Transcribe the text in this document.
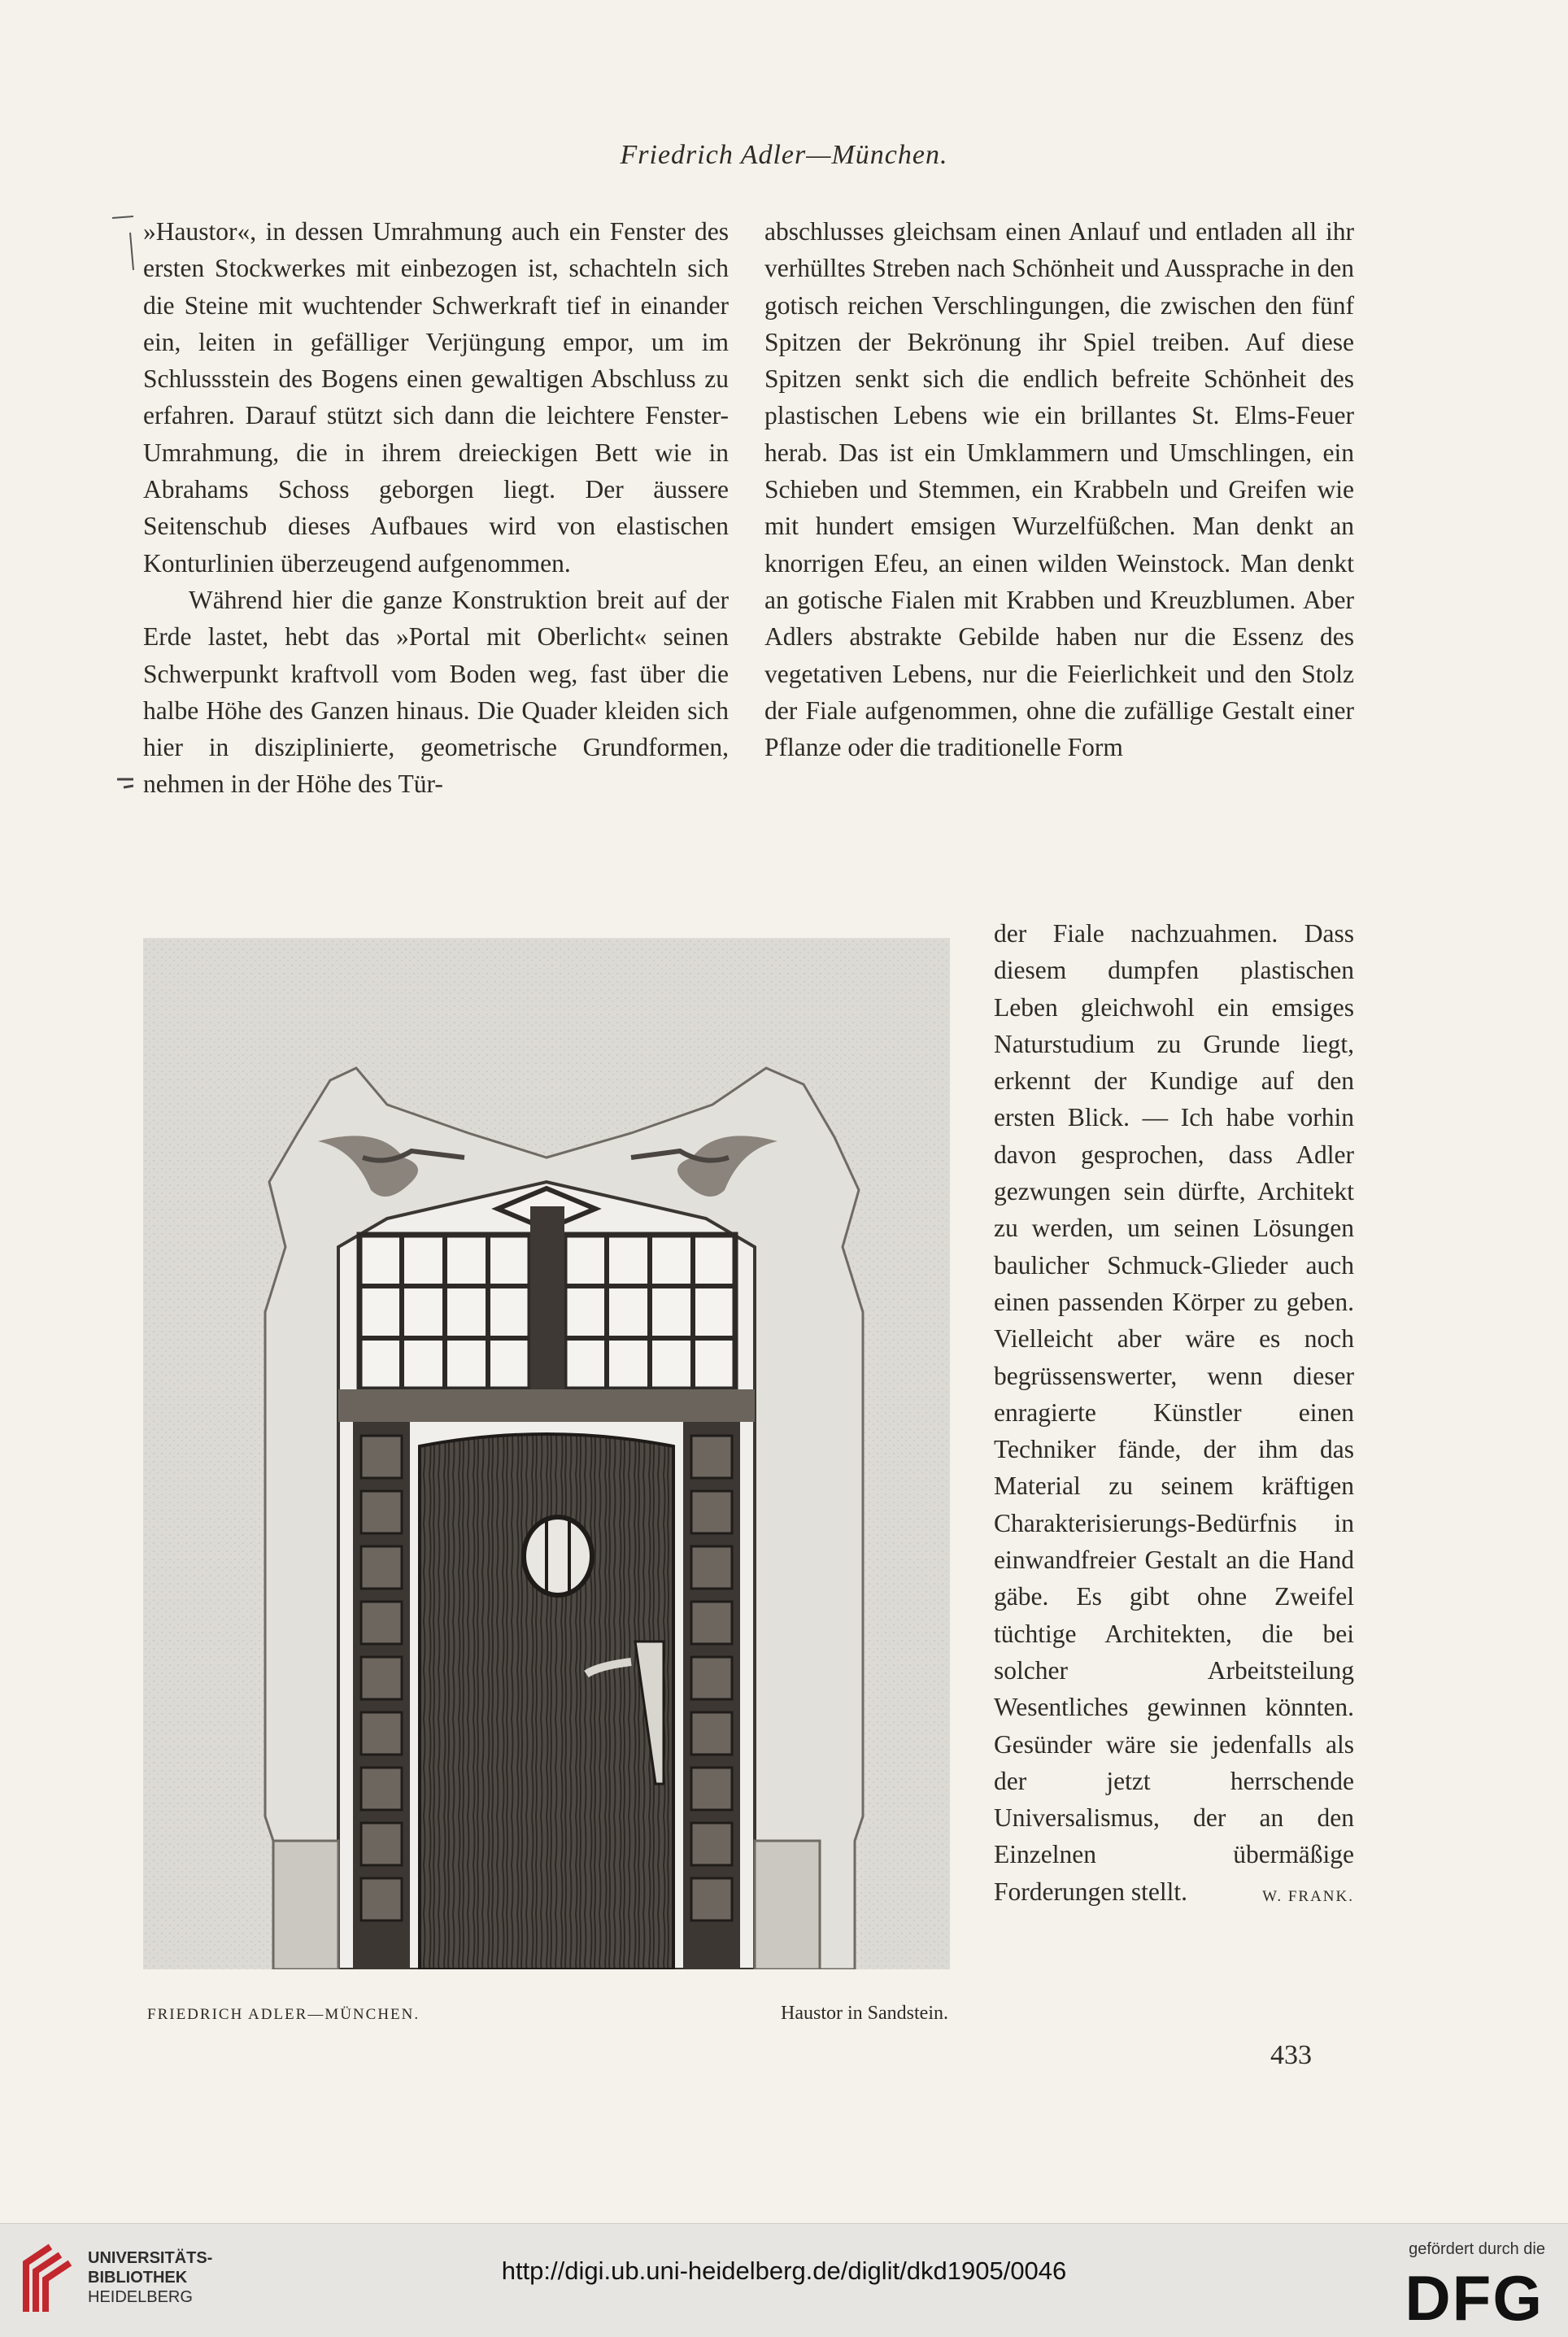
Friedrich Adler—München.

»Haustor«, in dessen Umrahmung auch ein Fenster des ersten Stockwerkes mit einbezogen ist, schachteln sich die Steine mit wuchtender Schwerkraft tief in einander ein, leiten in gefälliger Verjüngung empor, um im Schlussstein des Bogens einen gewaltigen Abschluss zu erfahren. Darauf stützt sich dann die leichtere Fenster-Umrahmung, die in ihrem dreieckigen Bett wie in Abrahams Schoss geborgen liegt. Der äussere Seitenschub dieses Aufbaues wird von elastischen Konturlinien überzeugend aufgenommen.

Während hier die ganze Konstruktion breit auf der Erde lastet, hebt das »Portal mit Oberlicht« seinen Schwerpunkt kraftvoll vom Boden weg, fast über die halbe Höhe des Ganzen hinaus. Die Quader kleiden sich hier in disziplinierte, geometrische Grundformen, nehmen in der Höhe des Tür-

abschlusses gleichsam einen Anlauf und entladen all ihr verhülltes Streben nach Schönheit und Aussprache in den gotisch reichen Verschlingungen, die zwischen den fünf Spitzen der Bekrönung ihr Spiel treiben. Auf diese Spitzen senkt sich die endlich befreite Schönheit des plastischen Lebens wie ein brillantes St. Elms-Feuer herab. Das ist ein Umklammern und Umschlingen, ein Schieben und Stemmen, ein Krabbeln und Greifen wie mit hundert emsigen Wurzelfüßchen. Man denkt an knorrigen Efeu, an einen wilden Weinstock. Man denkt an gotische Fialen mit Krabben und Kreuzblumen. Aber Adlers abstrakte Gebilde haben nur die Essenz des vegetativen Lebens, nur die Feierlichkeit und den Stolz der Fiale aufgenommen, ohne die zufällige Gestalt einer Pflanze oder die traditionelle Form

der Fiale nachzuahmen. Dass diesem dumpfen plastischen Leben gleichwohl ein emsiges Naturstudium zu Grunde liegt, erkennt der Kundige auf den ersten Blick. — Ich habe vorhin davon gesprochen, dass Adler gezwungen sein dürfte, Architekt zu werden, um seinen Lösungen baulicher Schmuck-Glieder auch einen passenden Körper zu geben. Vielleicht aber wäre es noch begrüssenswerter, wenn dieser enragierte Künstler einen Techniker fände, der ihm das Material zu seinem kräftigen Charakterisierungs-Bedürfnis in einwandfreier Gestalt an die Hand gäbe. Es gibt ohne Zweifel tüchtige Architekten, die bei solcher Arbeitsteilung Wesentliches gewinnen könnten. Gesünder wäre sie jedenfalls als der jetzt herrschende Universalismus, der an den Einzelnen übermäßige Forderungen stellt.	W. FRANK.

FRIEDRICH ADLER—MÜNCHEN.	Haustor in Sandstein.
433
UNIVERSITÄTS-
BIBLIOTHEK
HEIDELBERG
http://digi.ub.uni-heidelberg.de/diglit/dkd1905/0046
gefördert durch die
DFG
